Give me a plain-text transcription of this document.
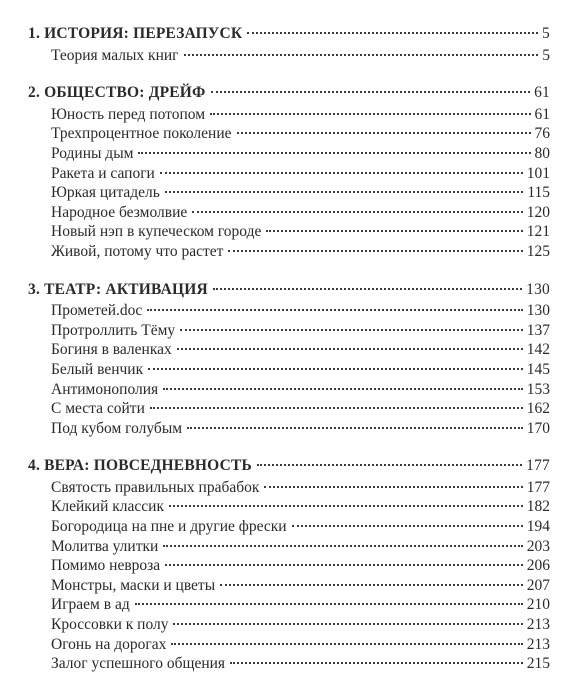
1. ИСТОРИЯ: ПЕРЕЗАПУСК	5
Теория малых книг	5
2. ОБЩЕСТВО: ДРЕЙФ	61
Юность перед потопом	61
Трехпроцентное поколение	76
Родины дым	80
Ракета и сапоги	101
Юркая цитадель	115
Народное безмолвие	120
Новый нэп в купеческом городе	121
Живой, потому что растет	125
3. ТЕАТР: АКТИВАЦИЯ	130
Прометей.doc	130
Протроллить Тёму	137
Богиня в валенках	142
Белый венчик	145
Антимонополия	153
С места сойти	162
Под кубом голубым	170
4. ВЕРА: ПОВСЕДНЕВНОСТЬ	177
Святость правильных прабабок	177
Клейкий классик	182
Богородица на пне и другие фрески	194
Молитва улитки	203
Помимо невроза	206
Монстры, маски и цветы	207
Играем в ад	210
Кроссовки к полу	213
Огонь на дорогах	213
Залог успешного общения	215
